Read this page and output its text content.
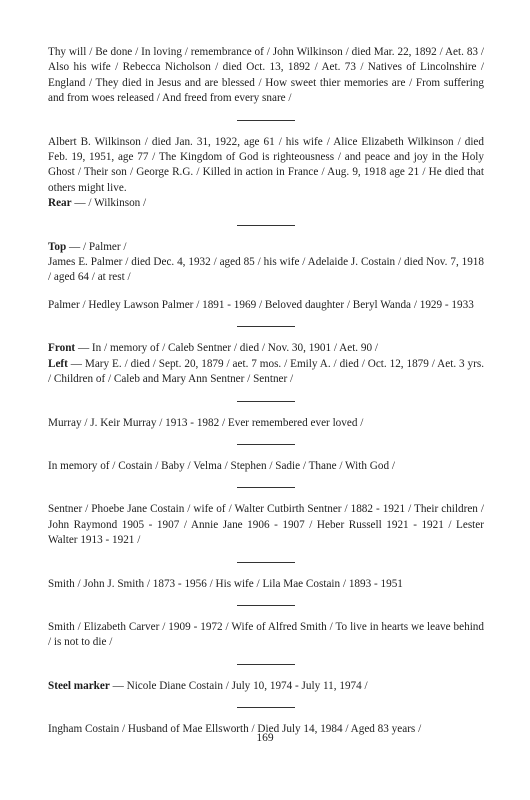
Thy will / Be done / In loving / remembrance of / John Wilkinson / died Mar. 22, 1892 / Aet. 83 / Also his wife / Rebecca Nicholson / died Oct. 13, 1892 / Aet. 73 / Natives of Lincolnshire / England / They died in Jesus and are blessed / How sweet thier memories are / From suffering and from woes released / And freed from every snare /

Albert B. Wilkinson / died Jan. 31, 1922, age 61 / his wife / Alice Elizabeth Wilkinson / died Feb. 19, 1951, age 77 / The Kingdom of God is righteousness / and peace and joy in the Holy Ghost / Their son / George R.G. / Killed in action in France / Aug. 9, 1918 age 21 / He died that others might live.

Rear — / Wilkinson /

Top — / Palmer /

James E. Palmer / died Dec. 4, 1932 / aged 85 / his wife / Adelaide J. Costain / died Nov. 7, 1918 / aged 64 / at rest /

Palmer / Hedley Lawson Palmer / 1891 - 1969 / Beloved daughter / Beryl Wanda / 1929 - 1933

Front — In / memory of / Caleb Sentner / died / Nov. 30, 1901 / Aet. 90 /

Left — Mary E. / died / Sept. 20, 1879 / aet. 7 mos. / Emily A. / died / Oct. 12, 1879 / Aet. 3 yrs. / Children of / Caleb and Mary Ann Sentner / Sentner /

Murray / J. Keir Murray / 1913 - 1982 / Ever remembered ever loved /

In memory of / Costain / Baby / Velma / Stephen / Sadie / Thane / With God /

Sentner / Phoebe Jane Costain / wife of / Walter Cutbirth Sentner / 1882 - 1921 / Their children / John Raymond 1905 - 1907 / Annie Jane 1906 - 1907 / Heber Russell 1921 - 1921 / Lester Walter 1913 - 1921 /

Smith / John J. Smith / 1873 - 1956 / His wife / Lila Mae Costain / 1893 - 1951

Smith / Elizabeth Carver / 1909 - 1972 / Wife of Alfred Smith / To live in hearts we leave behind / is not to die /

Steel marker — Nicole Diane Costain / July 10, 1974 - July 11, 1974 /

Ingham Costain / Husband of Mae Ellsworth / Died July 14, 1984 / Aged 83 years /

169
